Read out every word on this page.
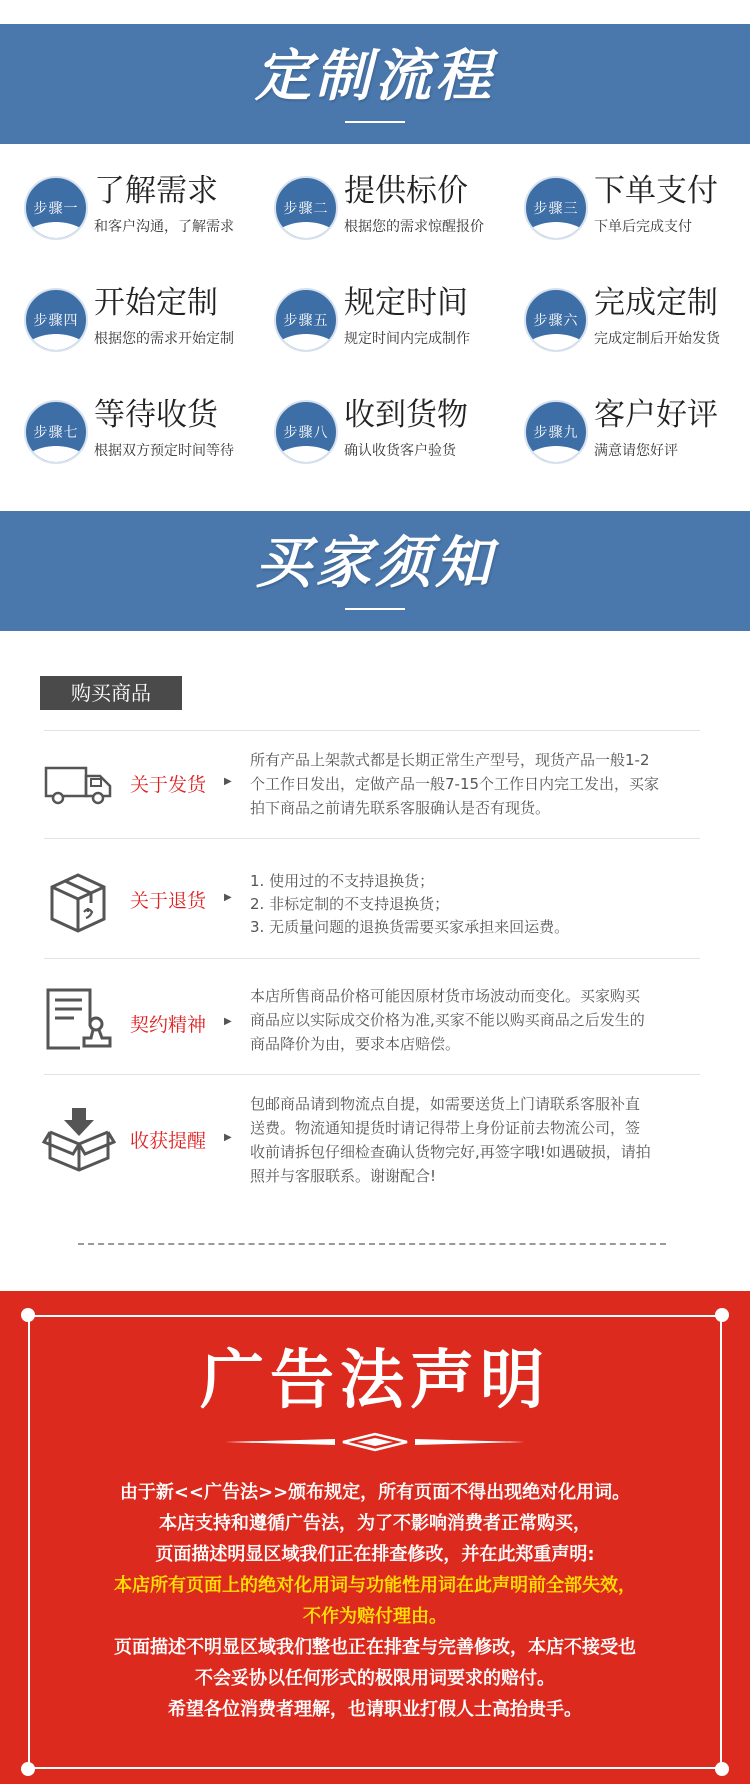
定制流程
步骤一 了解需求
和客户沟通，了解需求
步骤二 提供标价
根据您的需求惊醒报价
步骤三 下单支付
下单后完成支付
步骤四 开始定制
根据您的需求开始定制
步骤五 规定时间
规定时间内完成制作
步骤六 完成定制
完成定制后开始发货
步骤七 等待收货
根据双方预定时间等待
步骤八 收到货物
确认收货客户验货
步骤九 客户好评
满意请您好评
买家须知
购买商品
关于发货 ▶
所有产品上架款式都是长期正常生产型号，现货产品一般1-2
个工作日发出，定做产品一般7-15个工作日内完工发出，买家
拍下商品之前请先联系客服确认是否有现货。
关于退货 ▶
1. 使用过的不支持退换货；
2. 非标定制的不支持退换货；
3. 无质量问题的退换货需要买家承担来回运费。
契约精神 ▶
本店所售商品价格可能因原材货市场波动而变化。买家购买
商品应以实际成交价格为准,买家不能以购买商品之后发生的
商品降价为由，要求本店赔偿。
收获提醒 ▶
包邮商品请到物流点自提，如需要送货上门请联系客服补直
送费。物流通知提货时请记得带上身份证前去物流公司，签
收前请拆包仔细检查确认货物完好,再签字哦!如遇破损，请拍
照并与客服联系。谢谢配合!
广告法声明
由于新<<广告法>>颁布规定，所有页面不得出现绝对化用词。
本店支持和遵循广告法，为了不影响消费者正常购买，
页面描述明显区域我们正在排查修改，并在此郑重声明:
本店所有页面上的绝对化用词与功能性用词在此声明前全部失效，
不作为赔付理由。
页面描述不明显区域我们整也正在排查与完善修改，本店不接受也
不会妥协以任何形式的极限用词要求的赔付。
希望各位消费者理解，也请职业打假人士高抬贵手。
